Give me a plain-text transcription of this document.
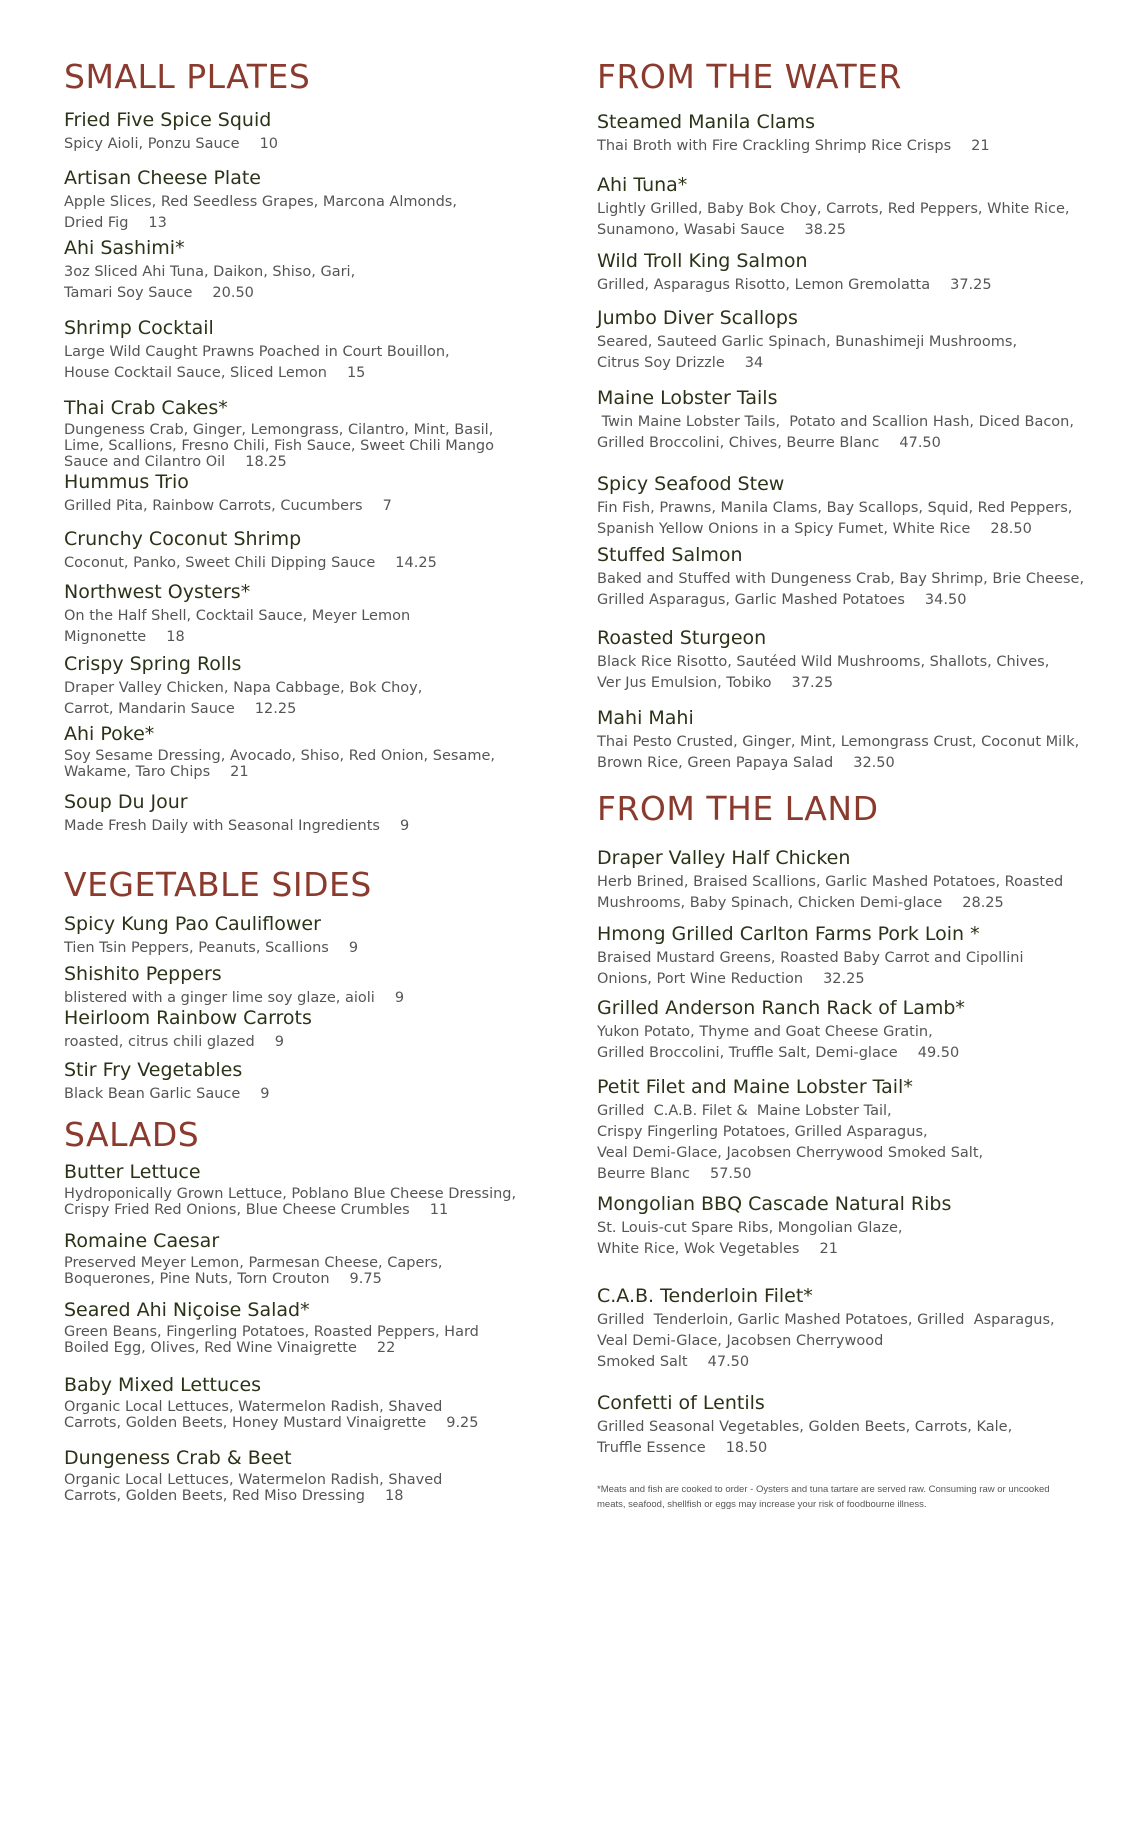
SMALL PLATES
Fried Five Spice Squid
Spicy Aioli, Ponzu Sauce 10
Artisan Cheese Plate
Apple Slices, Red Seedless Grapes, Marcona Almonds,
Dried Fig 13
Ahi Sashimi*
3oz Sliced Ahi Tuna, Daikon, Shiso, Gari,
Tamari Soy Sauce 20.50
Shrimp Cocktail
Large Wild Caught Prawns Poached in Court Bouillon,
House Cocktail Sauce, Sliced Lemon 15
Thai Crab Cakes*
Dungeness Crab, Ginger, Lemongrass, Cilantro, Mint, Basil,
Lime, Scallions, Fresno Chili, Fish Sauce, Sweet Chili Mango
Sauce and Cilantro Oil 18.25
Hummus Trio
Grilled Pita, Rainbow Carrots, Cucumbers 7
Crunchy Coconut Shrimp
Coconut, Panko, Sweet Chili Dipping Sauce 14.25
Northwest Oysters*
On the Half Shell, Cocktail Sauce, Meyer Lemon
Mignonette 18
Crispy Spring Rolls
Draper Valley Chicken, Napa Cabbage, Bok Choy,
Carrot, Mandarin Sauce 12.25
Ahi Poke*
Soy Sesame Dressing, Avocado, Shiso, Red Onion, Sesame,
Wakame, Taro Chips 21
Soup Du Jour
Made Fresh Daily with Seasonal Ingredients 9
VEGETABLE SIDES
Spicy Kung Pao Cauliflower
Tien Tsin Peppers, Peanuts, Scallions 9
Shishito Peppers
blistered with a ginger lime soy glaze, aioli 9
Heirloom Rainbow Carrots
roasted, citrus chili glazed 9
Stir Fry Vegetables
Black Bean Garlic Sauce 9
SALADS
Butter Lettuce
Hydroponically Grown Lettuce, Poblano Blue Cheese Dressing,
Crispy Fried Red Onions, Blue Cheese Crumbles 11
Romaine Caesar
Preserved Meyer Lemon, Parmesan Cheese, Capers,
Boquerones, Pine Nuts, Torn Crouton 9.75
Seared Ahi Niçoise Salad*
Green Beans, Fingerling Potatoes, Roasted Peppers, Hard
Boiled Egg, Olives, Red Wine Vinaigrette 22
Baby Mixed Lettuces
Organic Local Lettuces, Watermelon Radish, Shaved
Carrots, Golden Beets, Honey Mustard Vinaigrette 9.25
Dungeness Crab & Beet
Organic Local Lettuces, Watermelon Radish, Shaved
Carrots, Golden Beets, Red Miso Dressing 18
FROM THE WATER
Steamed Manila Clams
Thai Broth with Fire Crackling Shrimp Rice Crisps 21
Ahi Tuna*
Lightly Grilled, Baby Bok Choy, Carrots, Red Peppers, White Rice,
Sunamono, Wasabi Sauce 38.25
Wild Troll King Salmon
Grilled, Asparagus Risotto, Lemon Gremolatta 37.25
Jumbo Diver Scallops
Seared, Sauteed Garlic Spinach, Bunashimeji Mushrooms,
Citrus Soy Drizzle 34
Maine Lobster Tails
Twin Maine Lobster Tails,  Potato and Scallion Hash, Diced Bacon,
Grilled Broccolini, Chives, Beurre Blanc 47.50
Spicy Seafood Stew
Fin Fish, Prawns, Manila Clams, Bay Scallops, Squid, Red Peppers,
Spanish Yellow Onions in a Spicy Fumet, White Rice 28.50
Stuffed Salmon
Baked and Stuffed with Dungeness Crab, Bay Shrimp, Brie Cheese,
Grilled Asparagus, Garlic Mashed Potatoes 34.50
Roasted Sturgeon
Black Rice Risotto, Sautéed Wild Mushrooms, Shallots, Chives,
Ver Jus Emulsion, Tobiko 37.25
Mahi Mahi
Thai Pesto Crusted, Ginger, Mint, Lemongrass Crust, Coconut Milk,
Brown Rice, Green Papaya Salad 32.50
FROM THE LAND
Draper Valley Half Chicken
Herb Brined, Braised Scallions, Garlic Mashed Potatoes, Roasted
Mushrooms, Baby Spinach, Chicken Demi-glace 28.25
Hmong Grilled Carlton Farms Pork Loin *
Braised Mustard Greens, Roasted Baby Carrot and Cipollini
Onions, Port Wine Reduction 32.25
Grilled Anderson Ranch Rack of Lamb*
Yukon Potato, Thyme and Goat Cheese Gratin,
Grilled Broccolini, Truffle Salt, Demi-glace 49.50
Petit Filet and Maine Lobster Tail*
Grilled  C.A.B. Filet &  Maine Lobster Tail,
Crispy Fingerling Potatoes, Grilled Asparagus,
Veal Demi-Glace, Jacobsen Cherrywood Smoked Salt,
Beurre Blanc 57.50
Mongolian BBQ Cascade Natural Ribs
St. Louis-cut Spare Ribs, Mongolian Glaze,
White Rice, Wok Vegetables 21
C.A.B. Tenderloin Filet*
Grilled  Tenderloin, Garlic Mashed Potatoes, Grilled  Asparagus,
Veal Demi-Glace, Jacobsen Cherrywood
Smoked Salt 47.50
Confetti of Lentils
Grilled Seasonal Vegetables, Golden Beets, Carrots, Kale,
Truffle Essence 18.50
*Meats and fish are cooked to order - Oysters and tuna tartare are served raw. Consuming raw or uncooked meats, seafood, shellfish or eggs may increase your risk of foodbourne illness.
